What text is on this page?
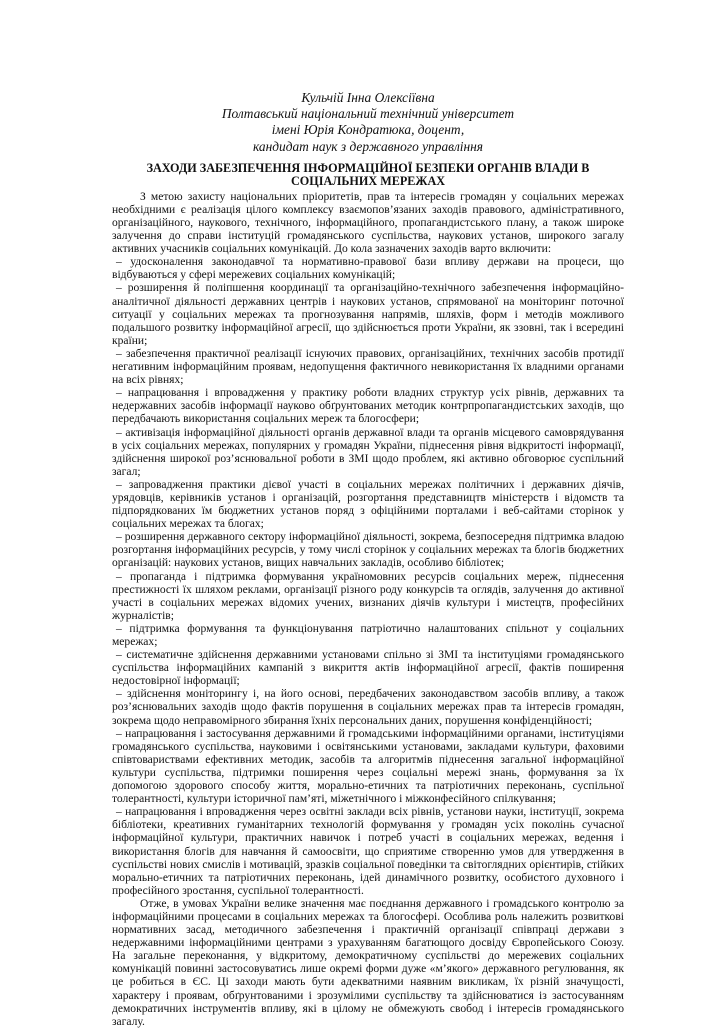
Кульчій Інна Олексіївна
Полтавський національний технічний університет
імені Юрія Кондратюка, доцент,
кандидат наук з державного управління
ЗАХОДИ ЗАБЕЗПЕЧЕННЯ ІНФОРМАЦІЙНОЇ БЕЗПЕКИ ОРГАНІВ ВЛАДИ В СОЦІАЛЬНИХ МЕРЕЖАХ

З метою захисту національних пріоритетів, прав та інтересів громадян у соціальних мережах необхідними є реалізація цілого комплексу взаємопов’язаних заходів правового, адміністративного, організаційного, наукового, технічного, інформаційного, пропагандистського плану, а також широке залучення до справи інституцій громадянського суспільства, наукових установ, широкого загалу активних учасників соціальних комунікацій. До кола зазначених заходів варто включити:

– удосконалення законодавчої та нормативно-правової бази впливу держави на процеси, що відбуваються у сфері мережевих соціальних комунікацій;

– розширення й поліпшення координації та організаційно-технічного забезпечення інформаційно-аналітичної діяльності державних центрів і наукових установ, спрямованої на моніторинг поточної ситуації у соціальних мережах та прогнозування напрямів, шляхів, форм і методів можливого подальшого розвитку інформаційної агресії, що здійснюється проти України, як ззовні, так і всередині країни;

– забезпечення практичної реалізації існуючих правових, організаційних, технічних засобів протидії негативним інформаційним проявам, недопущення фактичного невикористання їх владними органами на всіх рівнях;

– напрацювання і впровадження у практику роботи владних структур усіх рівнів, державних та недержавних засобів інформації науково обґрунтованих методик контрпропагандистських заходів, що передбачають використання соціальних мереж та блогосфери;

– активізація інформаційної діяльності органів державної влади та органів місцевого самоврядування в усіх соціальних мережах, популярних у громадян України, піднесення рівня відкритості інформації, здійснення широкої роз’яснювальної роботи в ЗМІ щодо проблем, які активно обговорює суспільний загал;

– запровадження практики дієвої участі в соціальних мережах політичних і державних діячів, урядовців, керівників установ і організацій, розгортання представництв міністерств і відомств та підпорядкованих їм бюджетних установ поряд з офіційними порталами і веб-сайтами сторінок у соціальних мережах та блогах;

– розширення державного сектору інформаційної діяльності, зокрема, безпосередня підтримка владою розгортання інформаційних ресурсів, у тому числі сторінок у соціальних мережах та блогів бюджетних організацій: наукових установ, вищих навчальних закладів, особливо бібліотек;

– пропаганда і підтримка формування україномовних ресурсів соціальних мереж, піднесення престижності їх шляхом реклами, організації різного роду конкурсів та оглядів, залучення до активної участі в соціальних мережах відомих учених, визнаних діячів культури і мистецтв, професійних журналістів;

– підтримка формування та функціонування патріотично налаштованих спільнот у соціальних мережах;

– систематичне здійснення державними установами спільно зі ЗМІ та інституціями громадянського суспільства інформаційних кампаній з викриття актів інформаційної агресії, фактів поширення недостовірної інформації;

– здійснення моніторингу і, на його основі, передбачених законодавством засобів впливу, а також роз’яснювальних заходів щодо фактів порушення в соціальних мережах прав та інтересів громадян, зокрема щодо неправомірного збирання їхніх персональних даних, порушення конфіденційності;

– напрацювання і застосування державними й громадськими інформаційними органами, інституціями громадянського суспільства, науковими і освітянськими установами, закладами культури, фаховими співтовариствами ефективних методик, засобів та алгоритмів піднесення загальної інформаційної культури суспільства, підтримки поширення через соціальні мережі знань, формування за їх допомогою здорового способу життя, морально-етичних та патріотичних переконань, суспільної толерантності, культури історичної пам’яті, міжетнічного і міжконфесійного спілкування;

– напрацювання і впровадження через освітні заклади всіх рівнів, установи науки, інституції, зокрема бібліотеки, креативних гуманітарних технологій формування у громадян усіх поколінь сучасної інформаційної культури, практичних навичок і потреб участі в соціальних мережах, ведення і використання блогів для навчання й самоосвіти, що сприятиме створенню умов для утвердження в суспільстві нових смислів і мотивацій, зразків соціальної поведінки та світоглядних орієнтирів, стійких морально-етичних та патріотичних переконань, ідей динамічного розвитку, особистого духовного і професійного зростання, суспільної толерантності.

Отже, в умовах України велике значення має поєднання державного і громадського контролю за інформаційними процесами в соціальних мережах та блогосфері. Особлива роль належить розвитковi нормативних засад, методичного забезпечення і практичній організації співпраці держави з недержавними інформаційними центрами з урахуванням багатющого досвіду Європейського Союзу. На загальне переконання, у відкритому, демократичному суспільстві до мережевих соціальних комунікацій повинні застосовуватись лише окремі форми дуже «м’якого» державного регулювання, як це робиться в ЄС. Ці заходи мають бути адекватними наявним викликам, їх різній значущості, характеру і проявам, обґрунтованими і зрозумілими суспільству та здійснюватися із застосуванням демократичних інструментів впливу, які в цілому не обмежують свобод і інтересів громадянського загалу.
